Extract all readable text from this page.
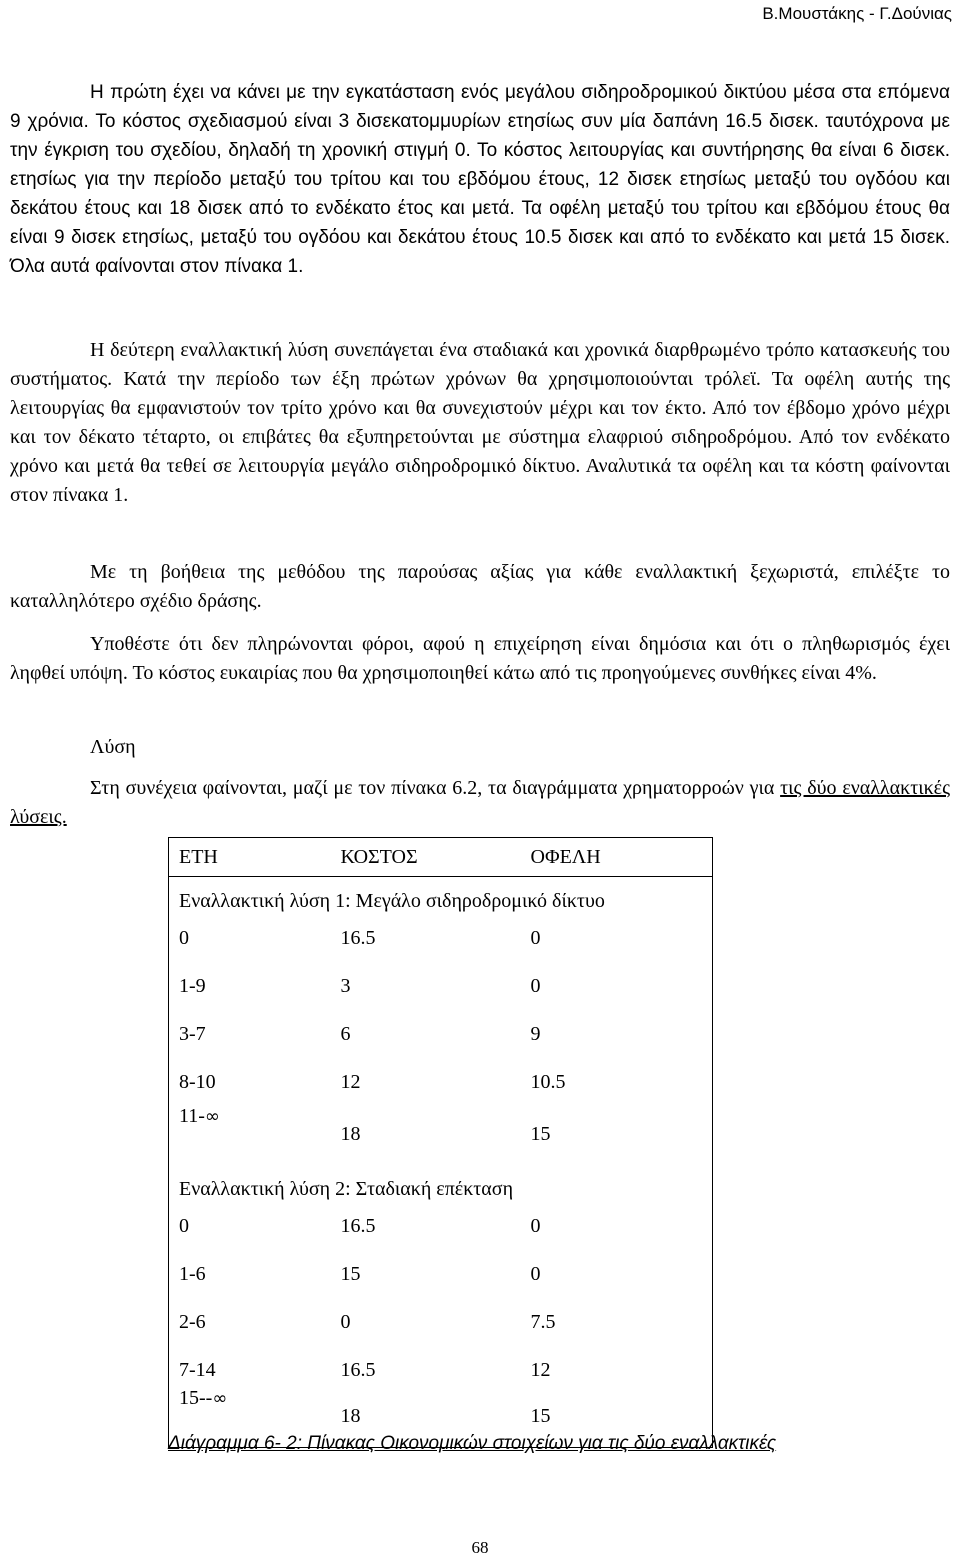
Β.Μουστάκης - Γ.Δούνιας

Η πρώτη έχει να κάνει με την εγκατάσταση ενός μεγάλου σιδηροδρομικού δικτύου μέσα στα επόμενα 9 χρόνια. Το κόστος σχεδιασμού είναι 3 δισεκατομμυρίων ετησίως συν μία δαπάνη 16.5 δισεκ. ταυτόχρονα με την έγκριση του σχεδίου, δηλαδή τη χρονική στιγμή 0. Το κόστος λειτουργίας και συντήρησης θα είναι 6 δισεκ. ετησίως για την περίοδο μεταξύ του τρίτου και του εβδόμου έτους, 12 δισεκ ετησίως μεταξύ του ογδόου και δεκάτου έτους και 18 δισεκ από το ενδέκατο έτος και μετά. Τα οφέλη μεταξύ του τρίτου και εβδόμου έτους θα είναι 9 δισεκ ετησίως, μεταξύ του ογδόου και δεκάτου έτους 10.5 δισεκ και από το ενδέκατο και μετά 15 δισεκ. Όλα αυτά φαίνονται στον πίνακα 1.

Η δεύτερη εναλλακτική λύση συνεπάγεται ένα σταδιακά και χρονικά διαρθρωμένο τρόπο κατασκευής του συστήματος. Κατά την περίοδο των έξη πρώτων χρόνων θα χρησιμοποιούνται τρόλεϊ. Τα οφέλη αυτής της λειτουργίας θα εμφανιστούν τον τρίτο χρόνο και θα συνεχιστούν μέχρι και τον έκτο. Από τον έβδομο χρόνο μέχρι και τον δέκατο τέταρτο, οι επιβάτες θα εξυπηρετούνται με σύστημα ελαφριού σιδηροδρόμου. Από τον ενδέκατο χρόνο και μετά θα τεθεί σε λειτουργία μεγάλο σιδηροδρομικό δίκτυο. Αναλυτικά τα οφέλη και τα κόστη φαίνονται στον πίνακα 1.

Με τη βοήθεια της μεθόδου της παρούσας αξίας για κάθε εναλλακτική ξεχωριστά, επιλέξτε το καταλληλότερο σχέδιο δράσης.

Υποθέστε ότι δεν πληρώνονται φόροι, αφού η επιχείρηση είναι δημόσια και ότι ο πληθωρισμός έχει ληφθεί υπόψη. Το κόστος ευκαιρίας που θα χρησιμοποιηθεί κάτω από τις προηγούμενες συνθήκες είναι 4%.

Λύση

Στη συνέχεια φαίνονται, μαζί με τον πίνακα 6.2, τα διαγράμματα χρηματορροών για τις δύο εναλλακτικές λύσεις.

ΕΤΗ	ΚΟΣΤΟΣ	ΟΦΕΛΗ
Εναλλακτική λύση 1: Μεγάλο σιδηροδρομικό δίκτυο		
0	16.5	0
1-9	3	0
3-7	6	9
8-10	12	10.5
11-∞	18	15
Εναλλακτική λύση 2: Σταδιακή επέκταση		
0	16.5	0
1-6	15	0
2-6	0	7.5
7-14	16.5	12
15--∞	18	15
Διάγραμμα 6- 2: Πίνακας Οικονομικών στοιχείων για τις δύο εναλλακτικές
68
